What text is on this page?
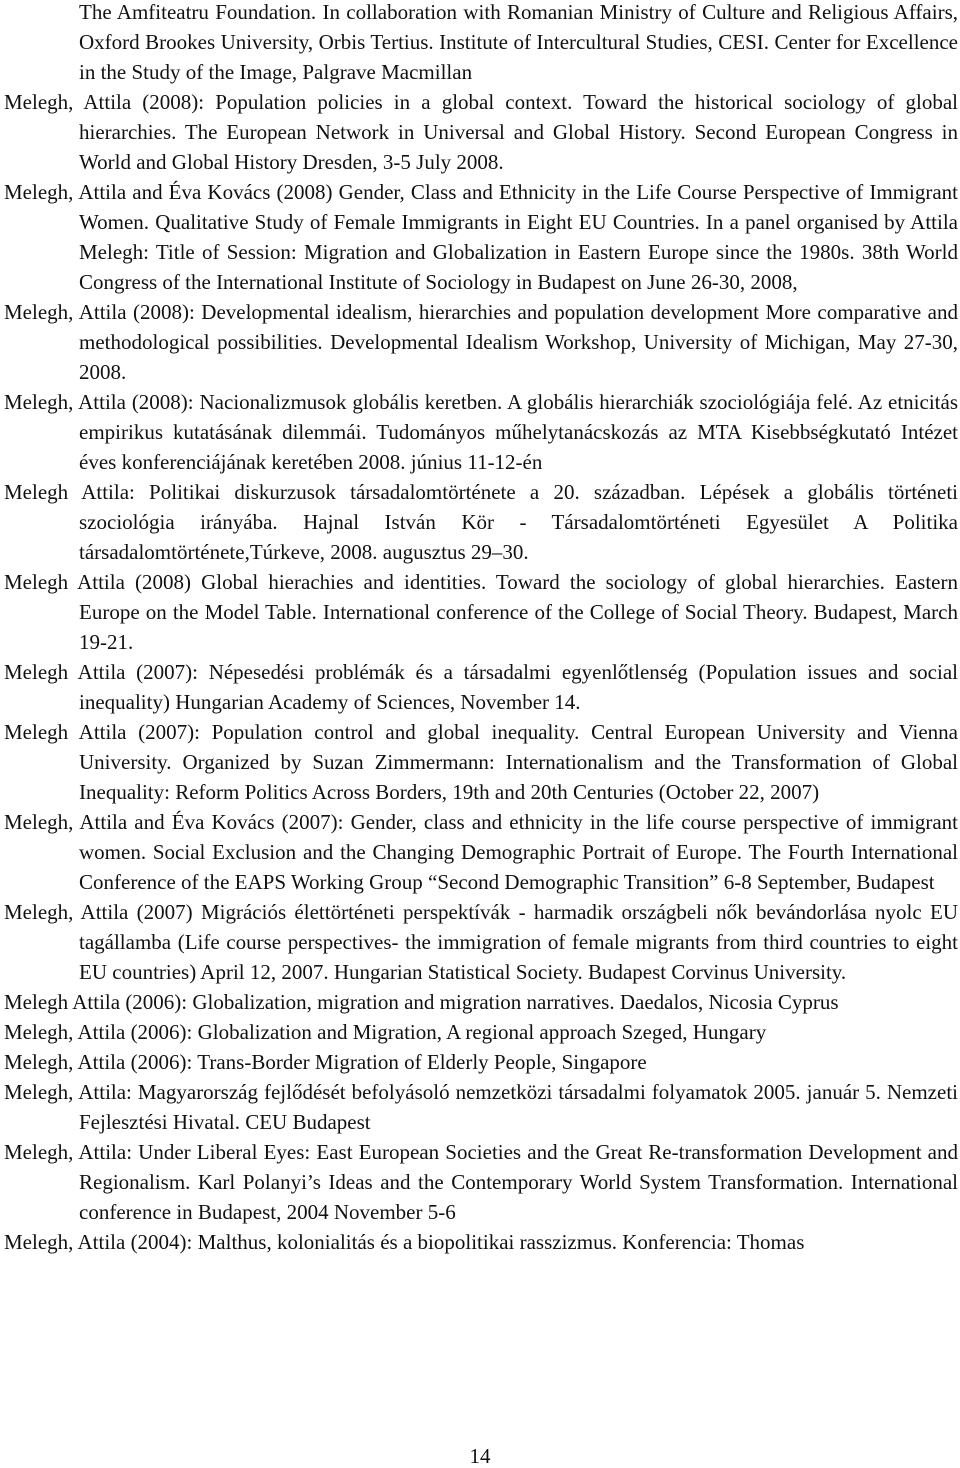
The Amfiteatru Foundation. In collaboration with Romanian Ministry of Culture and Religious Affairs, Oxford Brookes University, Orbis Tertius. Institute of Intercultural Studies, CESI. Center for Excellence in the Study of the Image, Palgrave Macmillan

Melegh, Attila (2008): Population policies in a global context. Toward the historical sociology of global hierarchies. The European Network in Universal and Global History. Second European Congress in World and Global History Dresden, 3-5 July 2008.

Melegh, Attila and Éva Kovács (2008) Gender, Class and Ethnicity in the Life Course Perspective of Immigrant Women. Qualitative Study of Female Immigrants in Eight EU Countries. In a panel organised by Attila Melegh: Title of Session: Migration and Globalization in Eastern Europe since the 1980s. 38th World Congress of the International Institute of Sociology in Budapest on June 26-30, 2008,

Melegh, Attila (2008): Developmental idealism, hierarchies and population development More comparative and methodological possibilities. Developmental Idealism Workshop, University of Michigan, May 27-30, 2008.

Melegh, Attila (2008): Nacionalizmusok globális keretben. A globális hierarchiák szociológiája felé. Az etnicitás empirikus kutatásának dilemmái. Tudományos műhelytanácskozás az MTA Kisebbségkutató Intézet éves konferenciájának keretében 2008. június 11-12-én

Melegh Attila: Politikai diskurzusok társadalomtörténete a 20. században. Lépések a globális történeti szociológia irányába. Hajnal István Kör - Társadalomtörténeti Egyesület A Politika társadalomtörténete,Túrkeve, 2008. augusztus 29–30.

Melegh Attila (2008) Global hierachies and identities. Toward the sociology of global hierarchies. Eastern Europe on the Model Table. International conference of the College of Social Theory. Budapest, March 19-21.

Melegh Attila (2007): Népesedési problémák és a társadalmi egyenlőtlenség (Population issues and social inequality) Hungarian Academy of Sciences, November 14.

Melegh Attila (2007): Population control and global inequality. Central European University and Vienna University. Organized by Suzan Zimmermann: Internationalism and the Transformation of Global Inequality: Reform Politics Across Borders, 19th and 20th Centuries (October 22, 2007)

Melegh, Attila and Éva Kovács (2007): Gender, class and ethnicity in the life course perspective of immigrant women. Social Exclusion and the Changing Demographic Portrait of Europe. The Fourth International Conference of the EAPS Working Group “Second Demographic Transition” 6-8 September, Budapest

Melegh, Attila (2007) Migrációs élettörténeti perspektívák - harmadik országbeli nők bevándorlása nyolc EU tagállamba (Life course perspectives- the immigration of female migrants from third countries to eight EU countries) April 12, 2007. Hungarian Statistical Society. Budapest Corvinus University.

Melegh Attila (2006): Globalization, migration and migration narratives. Daedalos, Nicosia Cyprus

Melegh, Attila (2006): Globalization and Migration, A regional approach Szeged, Hungary

Melegh, Attila (2006): Trans-Border Migration of Elderly People, Singapore

Melegh, Attila: Magyarország fejlődését befolyásoló nemzetközi társadalmi folyamatok 2005. január 5. Nemzeti Fejlesztési Hivatal. CEU Budapest

Melegh, Attila: Under Liberal Eyes: East European Societies and the Great Re-transformation Development and Regionalism. Karl Polanyi’s Ideas and the Contemporary World System Transformation. International conference in Budapest, 2004 November 5-6

Melegh, Attila (2004): Malthus, kolonialitás és a biopolitikai rasszizmus. Konferencia: Thomas

14
